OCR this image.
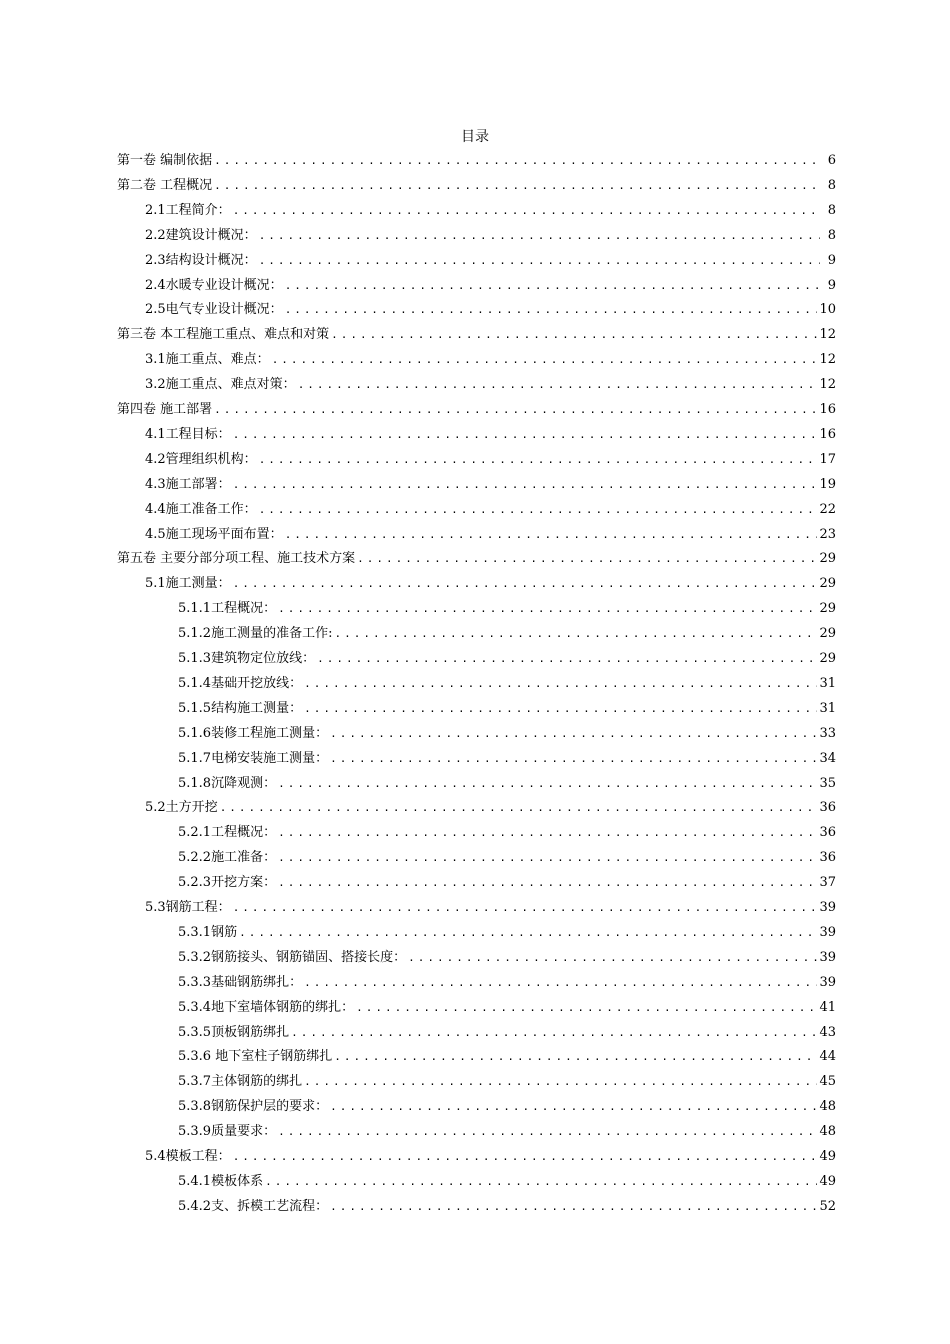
目录
第一卷 编制依据 .....	6
第二卷 工程概况 .....	8
2.1工程简介： .....	8
2.2建筑设计概况： .....	8
2.3结构设计概况： .....	9
2.4水暖专业设计概况： .....	9
2.5电气专业设计概况： .....	10
第三卷 本工程施工重点、难点和对策 .....	12
3.1施工重点、难点： .....	12
3.2施工重点、难点对策： .....	12
第四卷 施工部署 .....	16
4.1工程目标： .....	16
4.2管理组织机构： .....	17
4.3施工部署： .....	19
4.4施工准备工作： .....	22
4.5施工现场平面布置： .....	23
第五卷 主要分部分项工程、施工技术方案 .....	29
5.1施工测量： .....	29
5.1.1工程概况： .....	29
5.1.2施工测量的准备工作: .....	29
5.1.3建筑物定位放线： .....	29
5.1.4基础开挖放线： .....	31
5.1.5结构施工测量： .....	31
5.1.6装修工程施工测量： .....	33
5.1.7电梯安装施工测量： .....	34
5.1.8沉降观测： .....	35
5.2土方开挖 .....	36
5.2.1工程概况： .....	36
5.2.2施工准备： .....	36
5.2.3开挖方案： .....	37
5.3钢筋工程： .....	39
5.3.1钢筋 .....	39
5.3.2钢筋接头、钢筋锚固、搭接长度： .....	39
5.3.3基础钢筋绑扎： .....	39
5.3.4地下室墙体钢筋的绑扎： .....	41
5.3.5顶板钢筋绑扎 .....	43
5.3.6 地下室柱子钢筋绑扎 .....	44
5.3.7主体钢筋的绑扎 .....	45
5.3.8钢筋保护层的要求： .....	48
5.3.9质量要求： .....	48
5.4模板工程： .....	49
5.4.1模板体系 .....	49
5.4.2支、拆模工艺流程： .....	52
